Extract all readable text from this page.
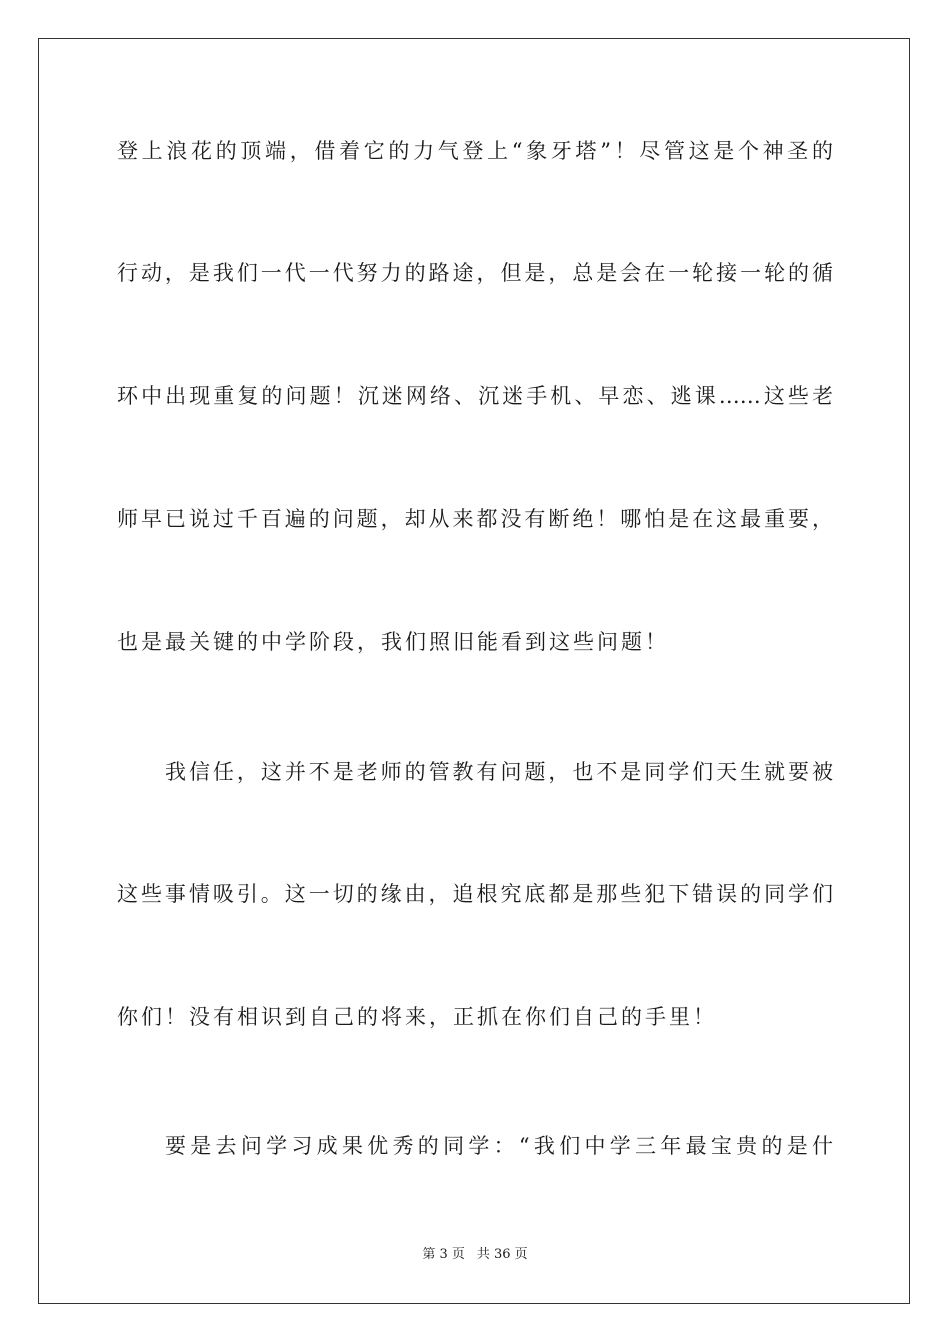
登上浪花的顶端，借着它的力气登上“象牙塔”！尽管这是个神圣的
行动，是我们一代一代努力的路途，但是，总是会在一轮接一轮的循
环中出现重复的问题！沉迷网络、沉迷手机、早恋、逃课……这些老
师早已说过千百遍的问题，却从来都没有断绝！哪怕是在这最重要，
也是最关键的中学阶段，我们照旧能看到这些问题！
我信任，这并不是老师的管教有问题，也不是同学们天生就要被
这些事情吸引。这一切的缘由，追根究底都是那些犯下错误的同学们
你们！没有相识到自己的将来，正抓在你们自己的手里！
要是去问学习成果优秀的同学：“我们中学三年最宝贵的是什
第 3 页 共 36 页
